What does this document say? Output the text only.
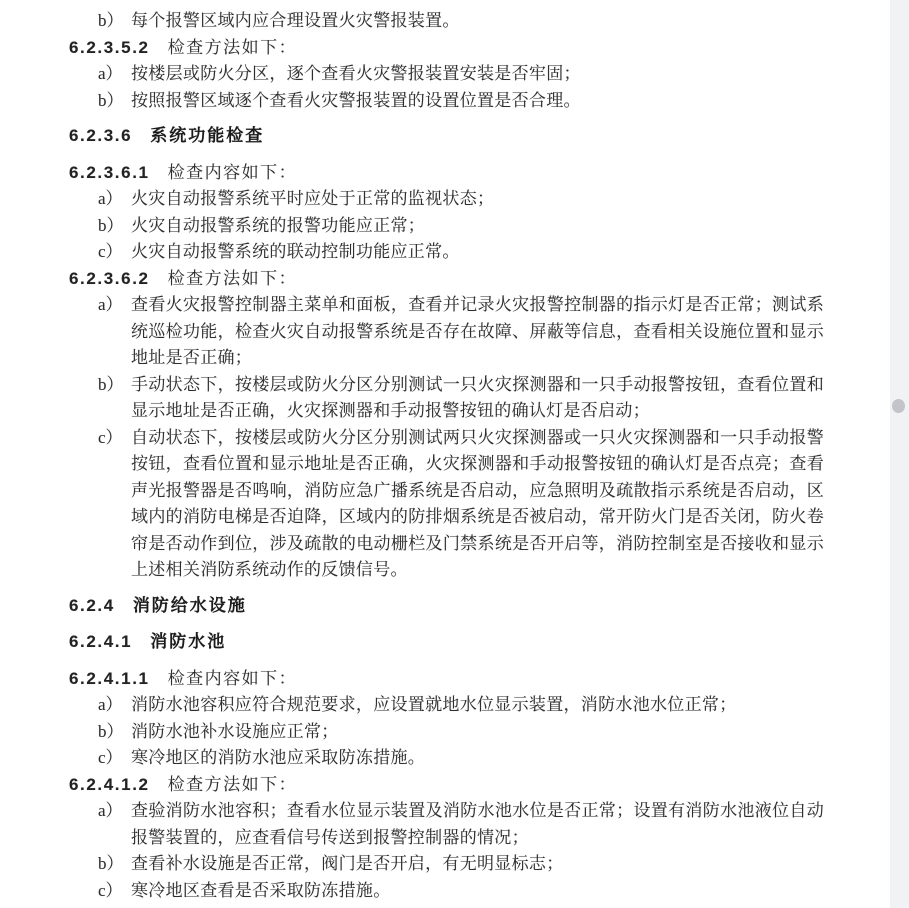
b） 每个报警区域内应合理设置火灾警报装置。
6.2.3.5.2 检查方法如下：
a） 按楼层或防火分区，逐个查看火灾警报装置安装是否牢固；
b） 按照报警区域逐个查看火灾警报装置的设置位置是否合理。
6.2.3.6 系统功能检查
6.2.3.6.1 检查内容如下：
a） 火灾自动报警系统平时应处于正常的监视状态；
b） 火灾自动报警系统的报警功能应正常；
c） 火灾自动报警系统的联动控制功能应正常。
6.2.3.6.2 检查方法如下：
a） 查看火灾报警控制器主菜单和面板，查看并记录火灾报警控制器的指示灯是否正常；测试系统巡检功能，检查火灾自动报警系统是否存在故障、屏蔽等信息，查看相关设施位置和显示地址是否正确；
b） 手动状态下，按楼层或防火分区分别测试一只火灾探测器和一只手动报警按钮，查看位置和显示地址是否正确，火灾探测器和手动报警按钮的确认灯是否启动；
c） 自动状态下，按楼层或防火分区分别测试两只火灾探测器或一只火灾探测器和一只手动报警按钮，查看位置和显示地址是否正确，火灾探测器和手动报警按钮的确认灯是否点亮；查看声光报警器是否鸣响，消防应急广播系统是否启动，应急照明及疏散指示系统是否启动，区域内的消防电梯是否迫降，区域内的防排烟系统是否被启动，常开防火门是否关闭，防火卷帘是否动作到位，涉及疏散的电动栅栏及门禁系统是否开启等，消防控制室是否接收和显示上述相关消防系统动作的反馈信号。
6.2.4 消防给水设施
6.2.4.1 消防水池
6.2.4.1.1 检查内容如下：
a） 消防水池容积应符合规范要求，应设置就地水位显示装置，消防水池水位正常；
b） 消防水池补水设施应正常；
c） 寒冷地区的消防水池应采取防冻措施。
6.2.4.1.2 检查方法如下：
a） 查验消防水池容积；查看水位显示装置及消防水池水位是否正常；设置有消防水池液位自动报警装置的，应查看信号传送到报警控制器的情况；
b） 查看补水设施是否正常，阀门是否开启，有无明显标志；
c） 寒冷地区查看是否采取防冻措施。
